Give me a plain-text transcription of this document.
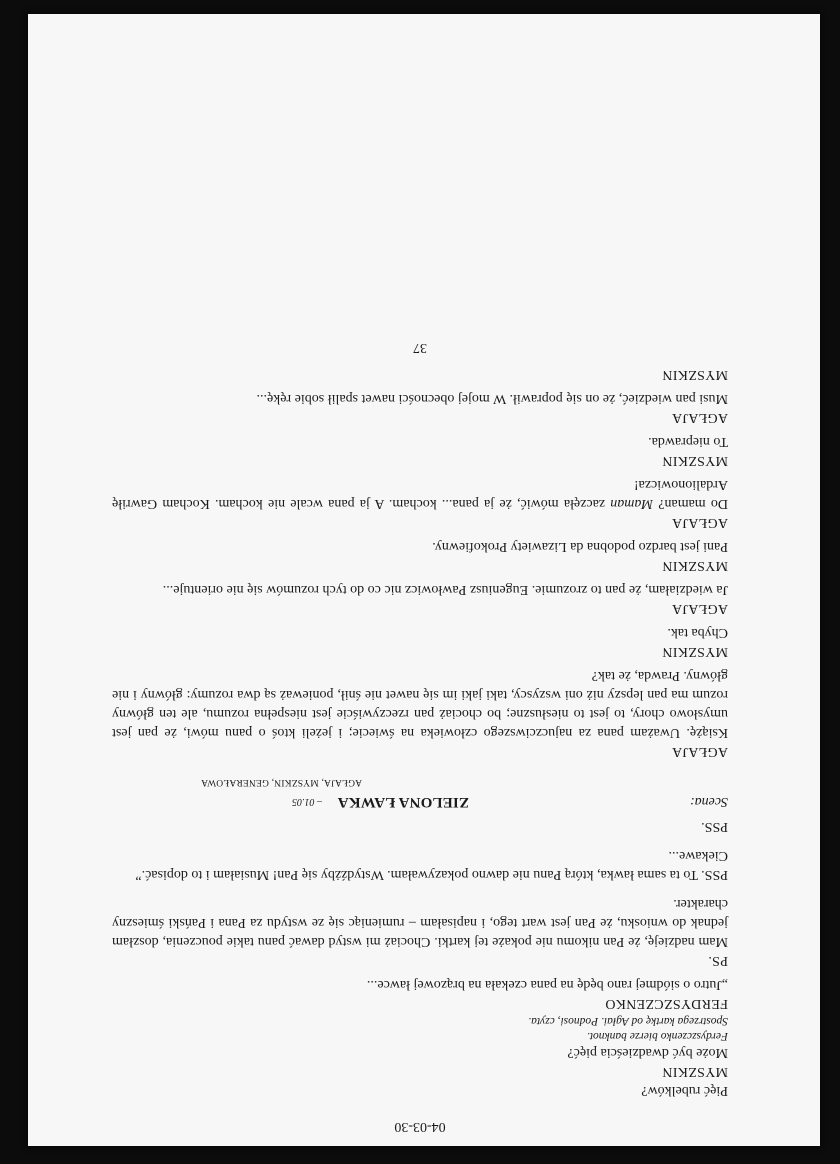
04-03-30

Pięć rubelków?

MYSZKIN

Może być dwadzieścia pięć?

Ferdyszczenko bierze banknot.

Spostrzega kartkę od Agłai. Podnosi, czyta.

FERDYSZCZENKO

„Jutro o siódmej rano będę na pana czekała na brązowej ławce...

PS.

Mam nadzieję, że Pan nikomu nie pokaże tej kartki. Chociaż mi wstyd dawać panu takie pouczenia, doszłam jednak do wniosku, że Pan jest wart tego, i napisałam – rumieniąc się ze wstydu za Pana i Pański śmieszny charakter.

PSS. To ta sama ławka, którą Panu nie dawno pokazywałam. Wstydźżby się Pan! Musiałam i to dopisać.”

Ciekawe...

PSS.

Scena:
ZIELONA ŁAWKA
– 01.05
AGŁAJA, MYSZKIN, GENERAŁOWA

AGŁAJA

Książę. Uważam pana za najuczciwszego człowieka na świecie; i jeżeli ktoś o panu mówi, że pan jest umysłowo chory, to jest to niesłuszne; bo chociaż pan rzeczywiście jest niespełna rozumu, ale ten główny rozum ma pan lepszy niż oni wszyscy, taki jaki im się nawet nie śnił, ponieważ są dwa rozumy: główny i nie główny. Prawda, że tak?

MYSZKIN

Chyba tak.

AGŁAJA

Ja wiedziałam, że pan to zrozumie. Eugeniusz Pawłowicz nic co do tych rozumów się nie orientuje...

MYSZKIN

Pani jest bardzo podobna da Lizawiety Prokofiewny.

AGŁAJA

Do maman? Maman zaczęła mówić, że ja pana... kocham. A ja pana wcale nie kocham. Kocham Gawriłę Ardalionowicza!

MYSZKIN

To nieprawda.

AGŁAJA

Musi pan wiedzieć, że on się poprawił. W mojej obecności nawet spalił sobie rękę...

MYSZKIN

37
